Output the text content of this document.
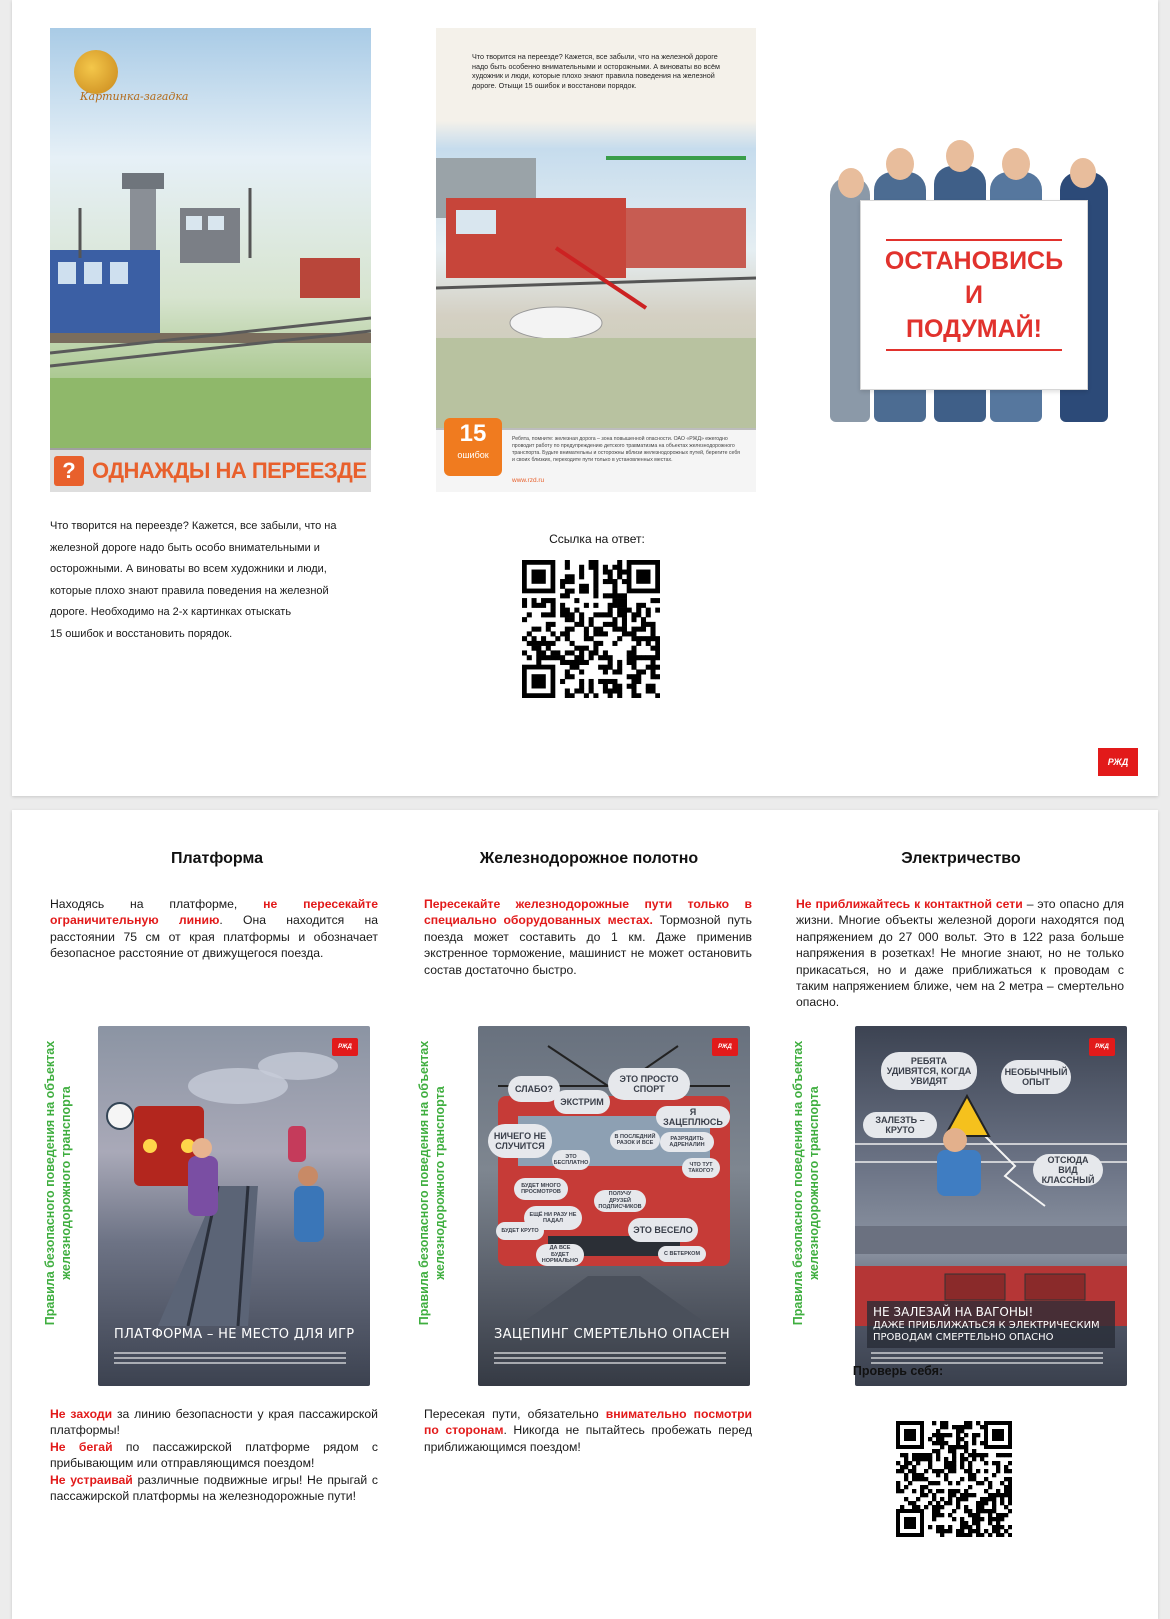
Картинка-загадка
? ОДНАЖДЫ НА ПЕРЕЕЗДЕ
Что творится на переезде? Кажется, все забыли, что на железной дороге надо быть особенно внимательными и осторожными. А виноваты во всём художник и люди, которые плохо знают правила поведения на железной дороге. Отыщи 15 ошибок и восстанови порядок.
Ребята, помните: железная дорога – зона повышенной опасности. ОАО «РЖД» ежегодно проводит работу по предупреждению детского травматизма на объектах железнодорожного транспорта. Будьте внимательны и осторожны вблизи железнодорожных путей, берегите себя и своих близких, переходите пути только в установленных местах.
www.rzd.ru
15
ошибок
ОСТАНОВИСЬ
И
ПОДУМАЙ!
Что творится на переезде? Кажется, все забыли, что на
железной дороге надо быть особо внимательными и
осторожными. А виноваты во всем художники и люди,
которые плохо знают правила поведения на железной
дороге. Необходимо на 2-х картинках отыскать
15 ошибок и восстановить порядок.
Ссылка на ответ:
РЖД
Платформа	Железнодорожное полотно	Электричество
Находясь на платформе, не пересекайте ограничительную линию. Она находится на расстоянии 75 см от края платформы и обозначает безопасное расстояние от движущегося поезда.
Пересекайте железнодорожные пути только в специально оборудованных местах. Тормозной путь поезда может составить до 1 км. Даже применив экстренное торможение, машинист не может остановить состав достаточно быстро.
Не приближайтесь к контактной сети – это опасно для жизни. Многие объекты железной дороги находятся под напряжением до 27 000 вольт. Это в 122 раза больше напряжения в розетках! Не многие знают, но не только прикасаться, но и даже приближаться к проводам с таким напряжением ближе, чем на 2 метра – смертельно опасно.
Правила безопасного поведения на объектах железнодорожного транспорта	Правила безопасного поведения на объектах железнодорожного транспорта	Правила безопасного поведения на объектах железнодорожного транспорта
РЖД
ПЛАТФОРМА – НЕ МЕСТО ДЛЯ ИГР
РЖД
СЛАБО?
ЭТО ПРОСТО СПОРТ
ЭКСТРИМ
Я ЗАЦЕПЛЮСЬ
НИЧЕГО НЕ СЛУЧИТСЯ
ЭТО БЕСПЛАТНО
В ПОСЛЕДНИЙ РАЗОК И ВСЕ
РАЗРЯДИТЬ АДРЕНАЛИН
ЧТО ТУТ ТАКОГО?
БУДЕТ МНОГО ПРОСМОТРОВ	ПОЛУЧУ ДРУЗЕЙ ПОДПИСЧИКОВ
ЕЩЁ НИ РАЗУ НЕ ПАДАЛ
БУДЕТ КРУТО	ЭТО ВЕСЕЛО
ДА ВСЕ БУДЕТ НОРМАЛЬНО
С ВЕТЕРКОМ
ЗАЦЕПИНГ СМЕРТЕЛЬНО ОПАСЕН
РЖД
РЕБЯТА УДИВЯТСЯ, КОГДА УВИДЯТ
НЕОБЫЧНЫЙ ОПЫТ
ЗАЛЕЗТЬ – КРУТО
ОТСЮДА ВИД КЛАССНЫЙ
НЕ ЗАЛЕЗАЙ НА ВАГОНЫ!
ДАЖЕ ПРИБЛИЖАТЬСЯ К ЭЛЕКТРИЧЕСКИМ
ПРОВОДАМ СМЕРТЕЛЬНО ОПАСНО
Не заходи за линию безопасности у края пассажирской платформы!
Не бегай по пассажирской платформе рядом с прибывающим или отправляющимся поездом!
Не устраивай различные подвижные игры! Не прыгай с пассажирской платформы на железнодорожные пути!
Пересекая пути, обязательно внимательно посмотри по сторонам. Никогда не пытайтесь пробежать перед приближающимся поездом!
Проверь себя:
